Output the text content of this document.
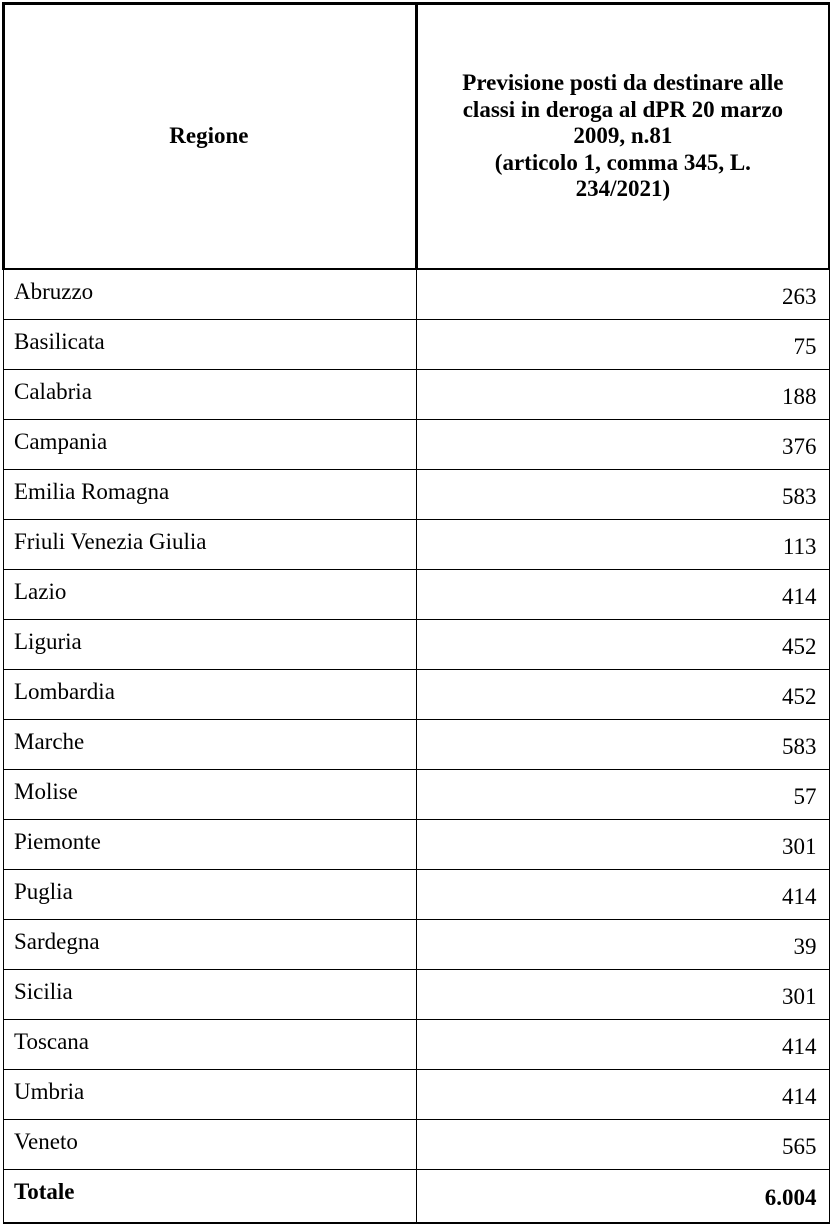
Regione	Previsione posti da destinare alle
classi in deroga al dPR 20 marzo
2009, n.81
(articolo 1, comma 345, L.
234/2021)

Abruzzo	263
Basilicata	75
Calabria	188
Campania	376
Emilia Romagna	583
Friuli Venezia Giulia	113
Lazio	414
Liguria	452
Lombardia	452
Marche	583
Molise	57
Piemonte	301
Puglia	414
Sardegna	39
Sicilia	301
Toscana	414
Umbria	414
Veneto	565
Totale	6.004
